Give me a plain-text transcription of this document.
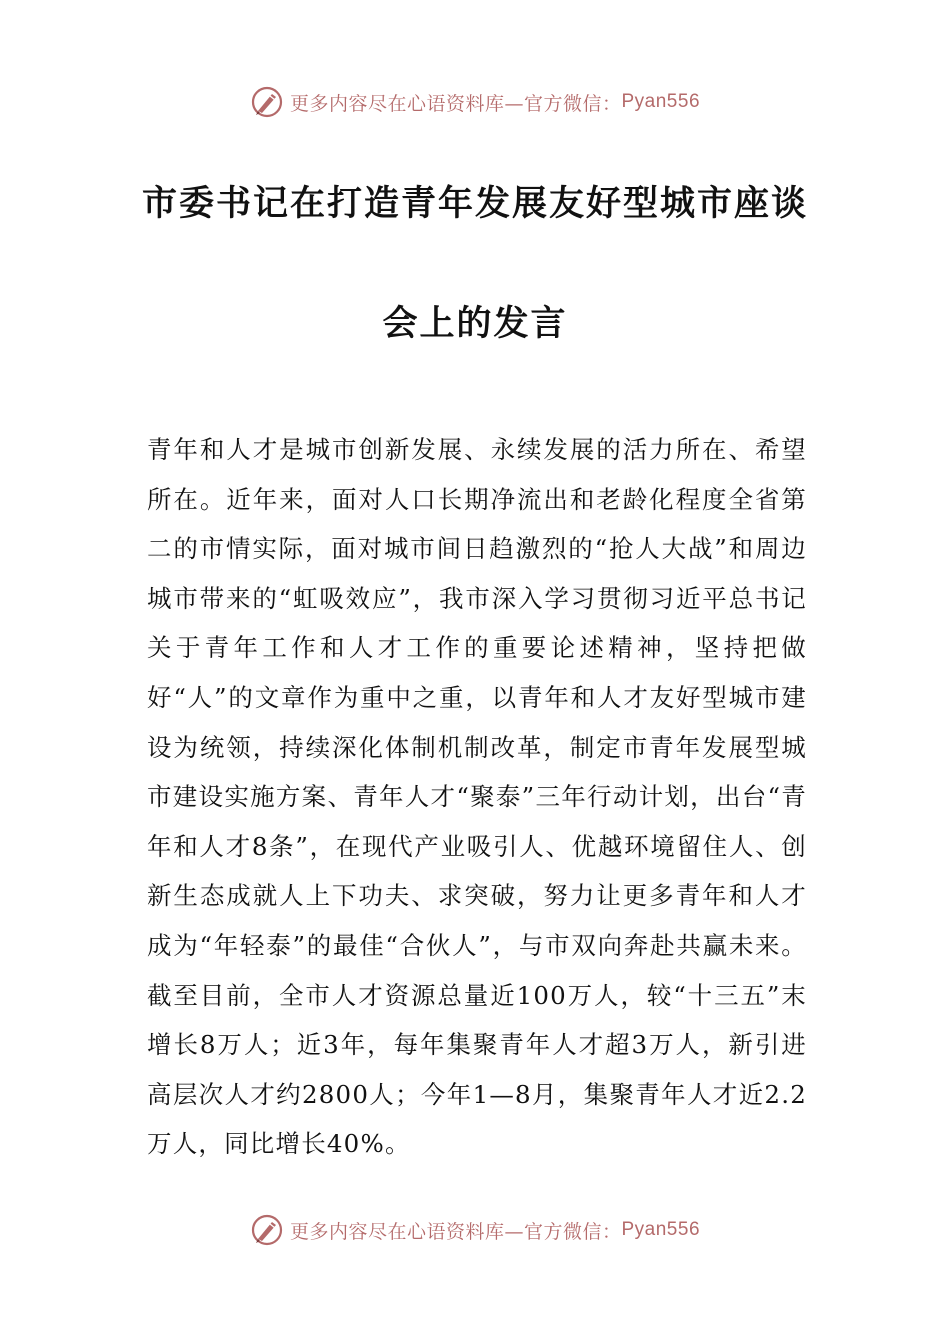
更多内容尽在心语资料库—官方微信： Pyan556
市委书记在打造青年发展友好型城市座谈
会上的发言
青年和人才是城市创新发展、永续发展的活力所在、希望所在。近年来，面对人口长期净流出和老龄化程度全省第二的市情实际，面对城市间日趋激烈的“抢人大战”和周边城市带来的“虹吸效应”，我市深入学习贯彻习近平总书记关于青年工作和人才工作的重要论述精神，坚持把做好“人”的文章作为重中之重，以青年和人才友好型城市建设为统领，持续深化体制机制改革，制定市青年发展型城市建设实施方案、青年人才“聚泰”三年行动计划，出台“青年和人才8条”，在现代产业吸引人、优越环境留住人、创新生态成就人上下功夫、求突破，努力让更多青年和人才成为“年轻泰”的最佳“合伙人”，与市双向奔赴共赢未来。截至目前，全市人才资源总量近100万人，较“十三五”末增长8万人；近3年，每年集聚青年人才超3万人，新引进高层次人才约2800人；今年1—8月，集聚青年人才近2.2万人，同比增长40%。
更多内容尽在心语资料库—官方微信： Pyan556
